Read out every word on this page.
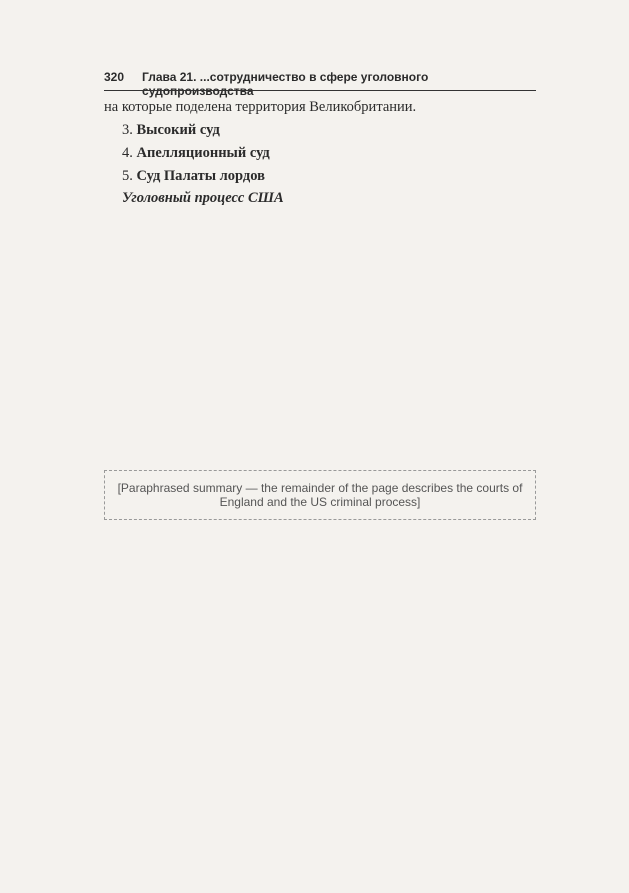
320 Глава 21. ...сотрудничество в сфере уголовного судопроизводства

на которые поделена территория Великобритании.

3. Высокий суд

4. Апелляционный суд

5. Суд Палаты лордов

Уголовный процесс США

[Paraphrased summary — the remainder of the page describes the courts of England and the US criminal process]
